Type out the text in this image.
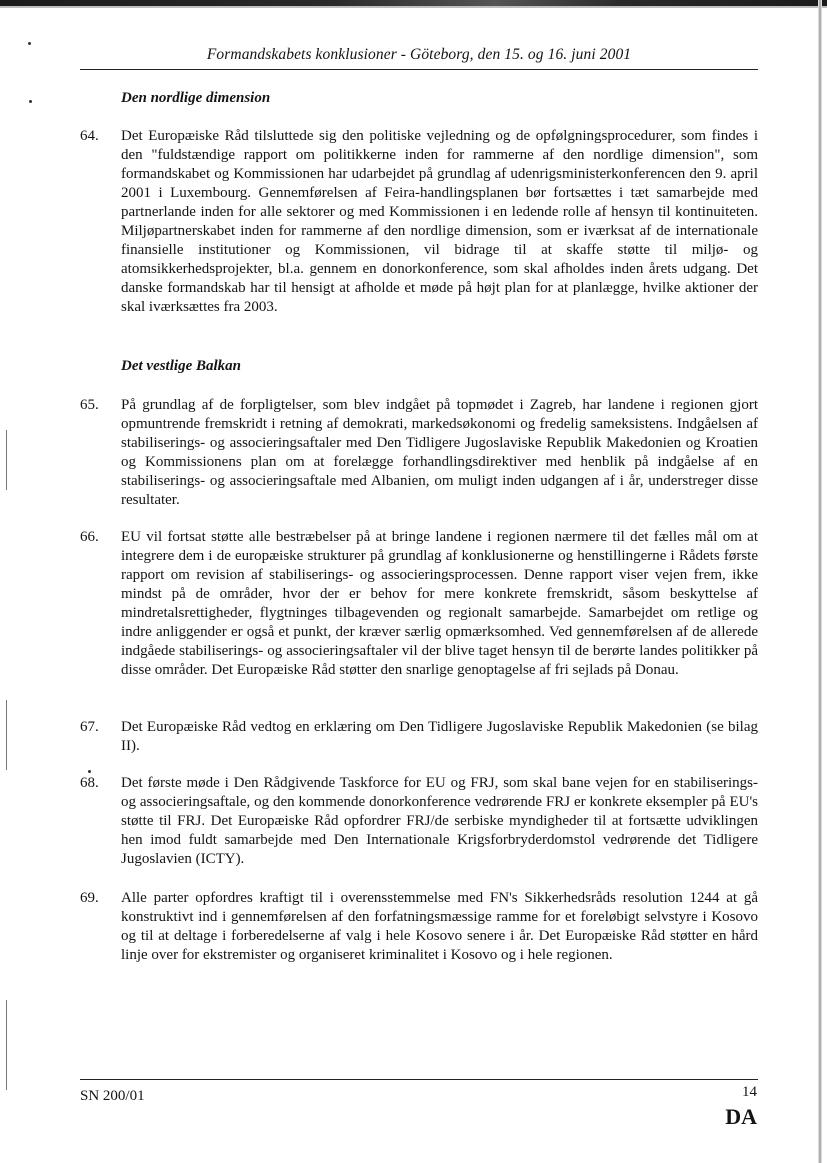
Formandskabets konklusioner - Göteborg, den 15. og 16. juni 2001
Den nordlige dimension
64. Det Europæiske Råd tilsluttede sig den politiske vejledning og de opfølgningsprocedurer, som findes i den "fuldstændige rapport om politikkerne inden for rammerne af den nordlige dimension", som formandskabet og Kommissionen har udarbejdet på grundlag af udenrigsministerkonferencen den 9. april 2001 i Luxembourg. Gennemførelsen af Feira-handlingsplanen bør fortsættes i tæt samarbejde med partnerlande inden for alle sektorer og med Kommissionen i en ledende rolle af hensyn til kontinuiteten. Miljøpartnerskabet inden for rammerne af den nordlige dimension, som er iværksat af de internationale finansielle institutioner og Kommissionen, vil bidrage til at skaffe støtte til miljø- og atomsikkerhedsprojekter, bl.a. gennem en donorkonference, som skal afholdes inden årets udgang. Det danske formandskab har til hensigt at afholde et møde på højt plan for at planlægge, hvilke aktioner der skal iværksættes fra 2003.
Det vestlige Balkan
65. På grundlag af de forpligtelser, som blev indgået på topmødet i Zagreb, har landene i regionen gjort opmuntrende fremskridt i retning af demokrati, markedsøkonomi og fredelig sameksistens. Indgåelsen af stabiliserings- og associeringsaftaler med Den Tidligere Jugoslaviske Republik Makedonien og Kroatien og Kommissionens plan om at forelægge forhandlingsdirektiver med henblik på indgåelse af en stabiliserings- og associeringsaftale med Albanien, om muligt inden udgangen af i år, understreger disse resultater.
66. EU vil fortsat støtte alle bestræbelser på at bringe landene i regionen nærmere til det fælles mål om at integrere dem i de europæiske strukturer på grundlag af konklusionerne og henstillingerne i Rådets første rapport om revision af stabiliserings- og associeringsprocessen. Denne rapport viser vejen frem, ikke mindst på de områder, hvor der er behov for mere konkrete fremskridt, såsom beskyttelse af mindretalsrettigheder, flygtninges tilbagevenden og regionalt samarbejde. Samarbejdet om retlige og indre anliggender er også et punkt, der kræver særlig opmærksomhed. Ved gennemførelsen af de allerede indgåede stabiliserings- og associeringsaftaler vil der blive taget hensyn til de berørte landes politikker på disse områder. Det Europæiske Råd støtter den snarlige genoptagelse af fri sejlads på Donau.
67. Det Europæiske Råd vedtog en erklæring om Den Tidligere Jugoslaviske Republik Makedonien (se bilag II).
68. Det første møde i Den Rådgivende Taskforce for EU og FRJ, som skal bane vejen for en stabiliserings- og associeringsaftale, og den kommende donorkonference vedrørende FRJ er konkrete eksempler på EU's støtte til FRJ. Det Europæiske Råd opfordrer FRJ/de serbiske myndigheder til at fortsætte udviklingen hen imod fuldt samarbejde med Den Internationale Krigsforbryderdomstol vedrørende det Tidligere Jugoslavien (ICTY).
69. Alle parter opfordres kraftigt til i overensstemmelse med FN's Sikkerhedsråds resolution 1244 at gå konstruktivt ind i gennemførelsen af den forfatningsmæssige ramme for et foreløbigt selvstyre i Kosovo og til at deltage i forberedelserne af valg i hele Kosovo senere i år. Det Europæiske Råd støtter en hård linje over for ekstremister og organiseret kriminalitet i Kosovo og i hele regionen.
SN 200/01	14
DA
